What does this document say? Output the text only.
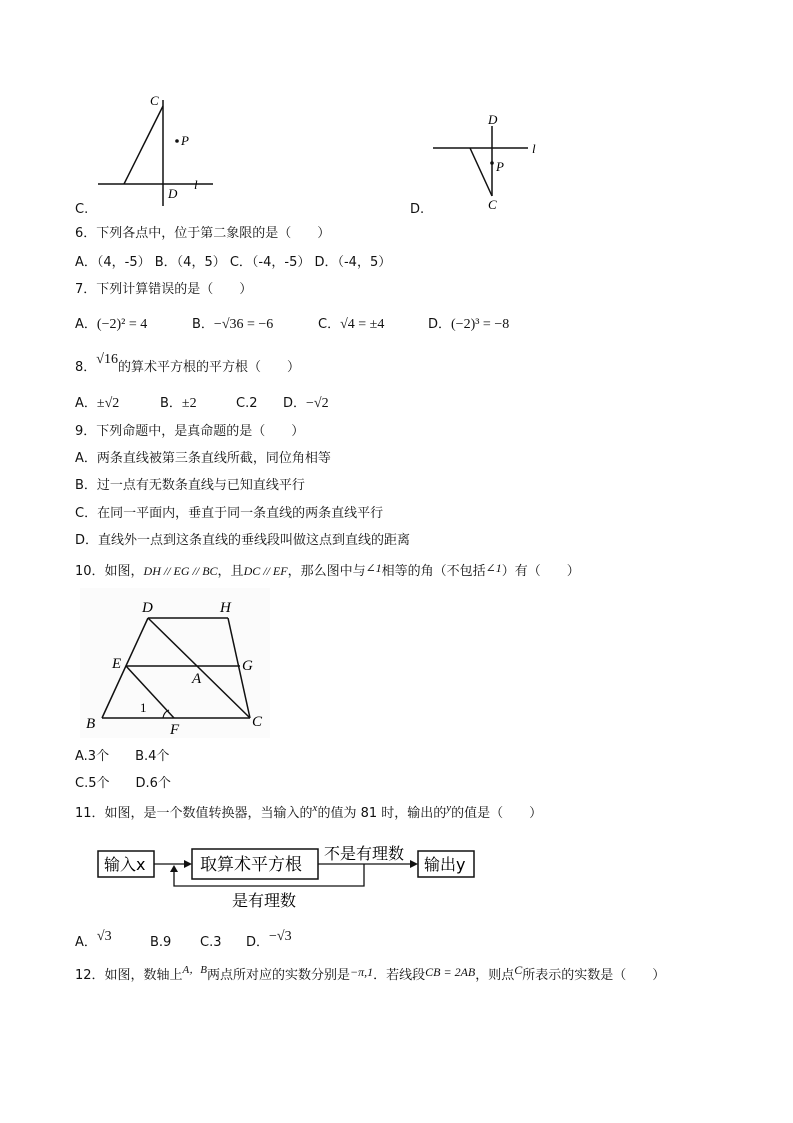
C
P
D
l
C.
D
P
C
l
D.
6．下列各点中，位于第二象限的是（　　）
A．（4，-5） B．（4，5） C．（-4，-5） D．（-4，5）
7．下列计算错误的是（　　）
A．(−2)² = 4	B．−√36 = −6	C．√4 = ±4	D．(−2)³ = −8
8．√16的算术平方根的平方根（　　）
A．±√2	B．±2	C.2 D．−√2
9．下列命题中，是真命题的是（　　）
A．两条直线被第三条直线所截，同位角相等
B．过一点有无数条直线与已知直线平行
C．在同一平面内，垂直于同一条直线的两条直线平行
D．直线外一点到这条直线的垂线段叫做这点到直线的距离
10．如图，DH // EG // BC，且DC // EF，那么图中与∠1相等的角（不包括∠1）有（　　）
D	H
E	G
A
B	F	C
1
A.3个　　B.4个
C.5个　　D.6个
11．如图，是一个数值转换器，当输入的$^x$的值为 81 时，输出的$^y$的值是（　　）
输入x	取算术平方根
不是有理数
输出y
是有理数
A．√3	B.9 C.3 D．−√3
12．如图，数轴上$^{A,B}$两点所对应的实数分别是−π,1．若线段CB = 2AB，则点C所表示的实数是（　　）
